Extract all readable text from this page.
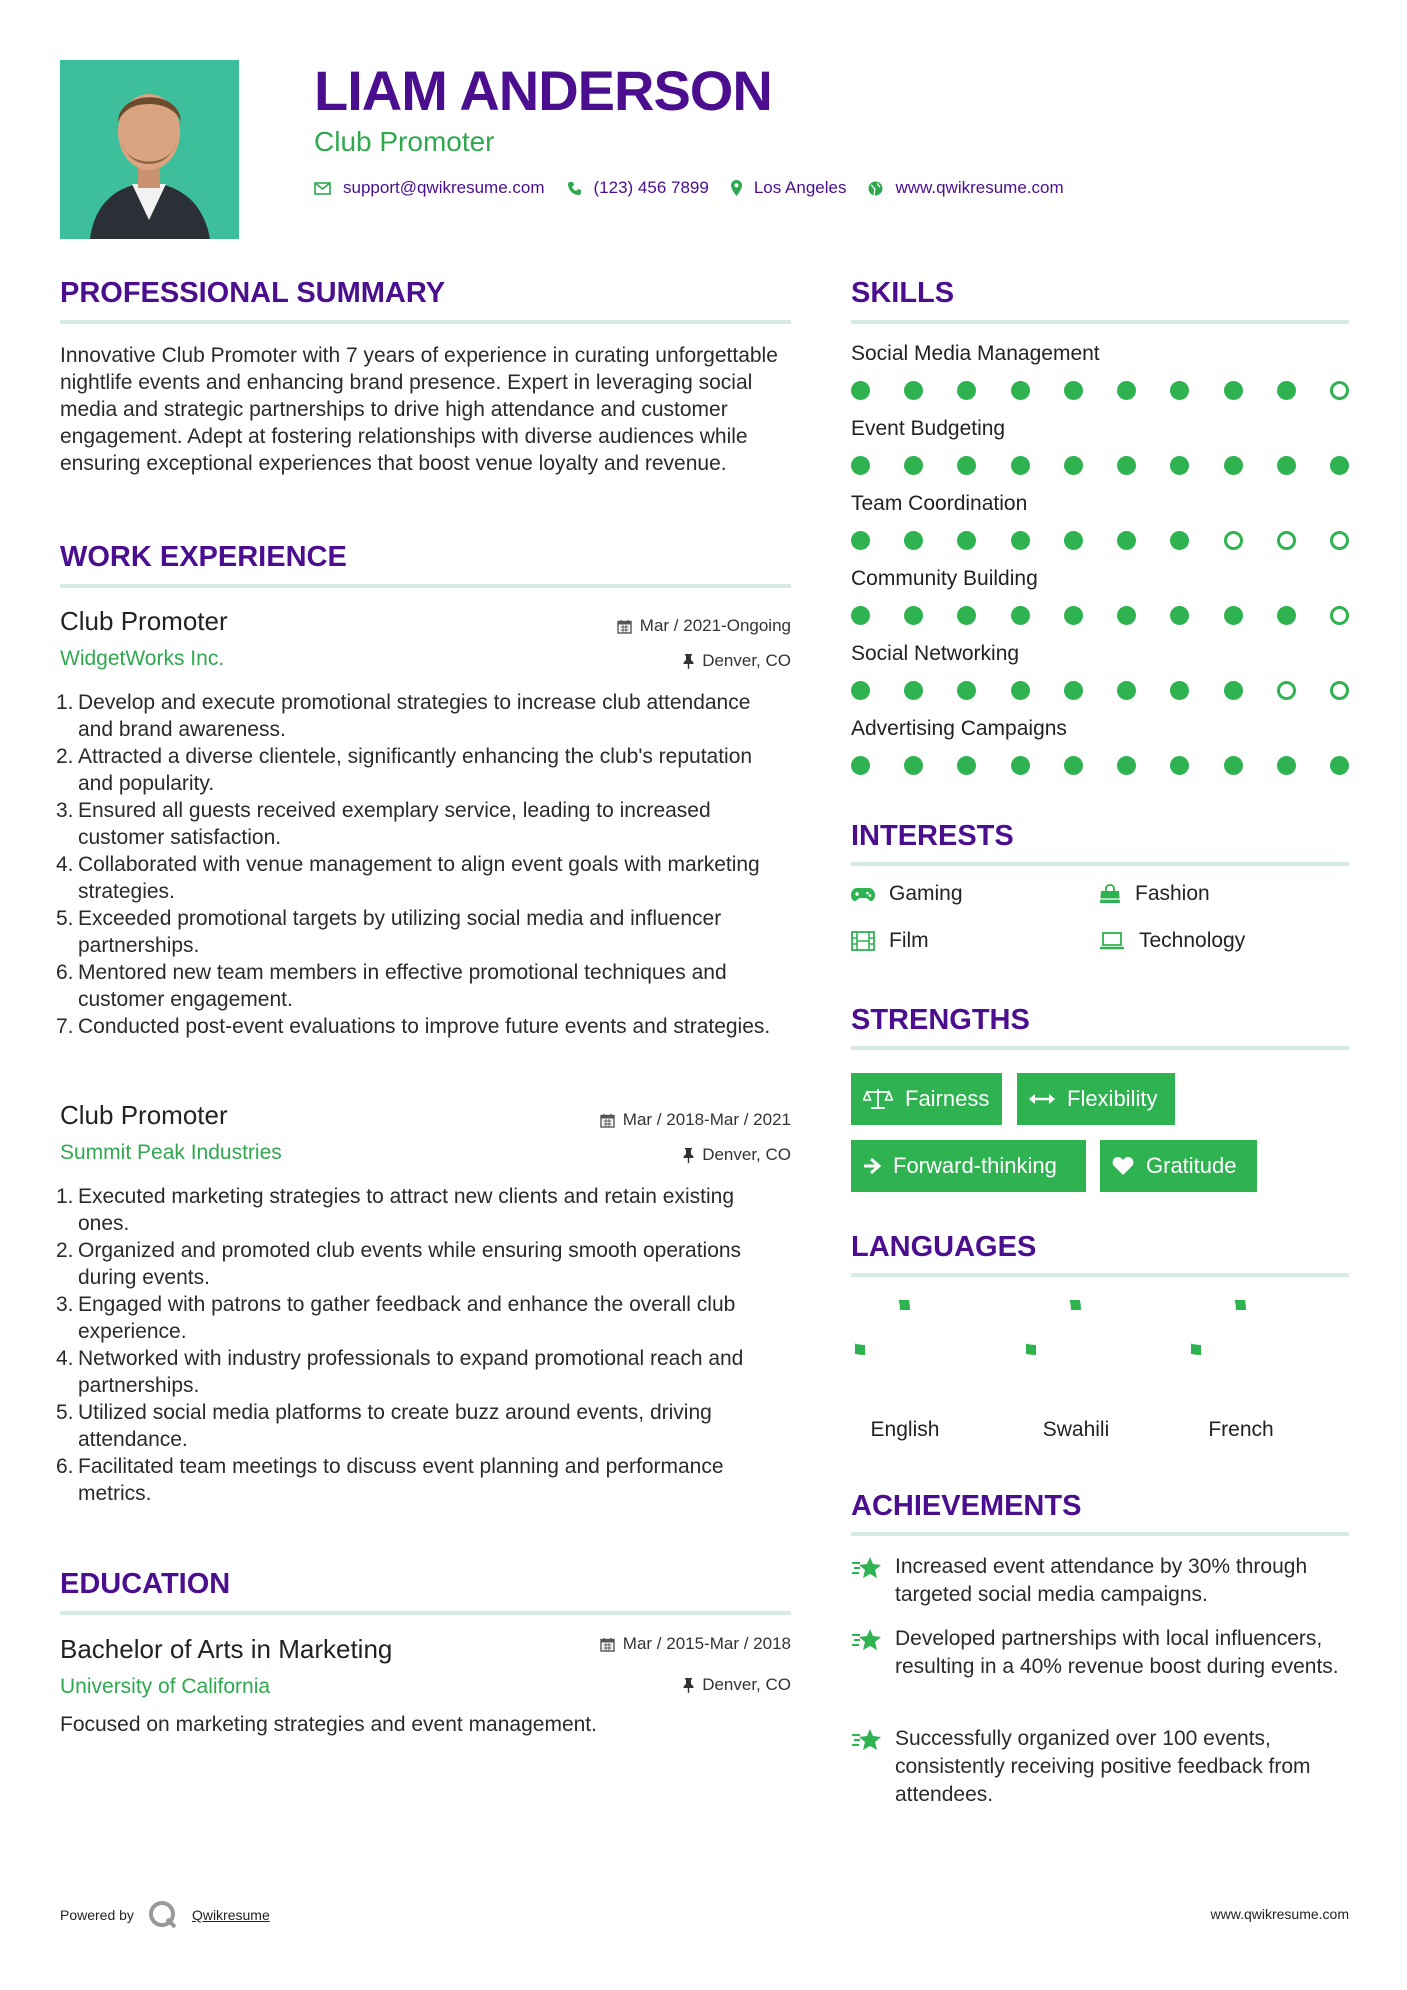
LIAM ANDERSON
Club Promoter
support@qwikresume.com	(123) 456 7899	Los Angeles	www.qwikresume.com
PROFESSIONAL SUMMARY
Innovative Club Promoter with 7 years of experience in curating unforgettable nightlife events and enhancing brand presence. Expert in leveraging social media and strategic partnerships to drive high attendance and customer engagement. Adept at fostering relationships with diverse audiences while ensuring exceptional experiences that boost venue loyalty and revenue.
WORK EXPERIENCE
Club Promoter	Mar / 2021-Ongoing
WidgetWorks Inc.	Denver, CO
1. Develop and execute promotional strategies to increase club attendance and brand awareness.
2. Attracted a diverse clientele, significantly enhancing the club's reputation and popularity.
3. Ensured all guests received exemplary service, leading to increased customer satisfaction.
4. Collaborated with venue management to align event goals with marketing strategies.
5. Exceeded promotional targets by utilizing social media and influencer partnerships.
6. Mentored new team members in effective promotional techniques and customer engagement.
7. Conducted post-event evaluations to improve future events and strategies.
Club Promoter	Mar / 2018-Mar / 2021
Summit Peak Industries	Denver, CO
1. Executed marketing strategies to attract new clients and retain existing ones.
2. Organized and promoted club events while ensuring smooth operations during events.
3. Engaged with patrons to gather feedback and enhance the overall club experience.
4. Networked with industry professionals to expand promotional reach and partnerships.
5. Utilized social media platforms to create buzz around events, driving attendance.
6. Facilitated team meetings to discuss event planning and performance metrics.
EDUCATION
Bachelor of Arts in Marketing	Mar / 2015-Mar / 2018
University of California	Denver, CO
Focused on marketing strategies and event management.
SKILLS
Social Media Management
Event Budgeting
Team Coordination
Community Building
Social Networking
Advertising Campaigns
INTERESTS
Gaming	Fashion
Film	Technology
STRENGTHS
Fairness	Flexibility
Forward-thinking	Gratitude
LANGUAGES
English	Swahili	French
ACHIEVEMENTS
Increased event attendance by 30% through targeted social media campaigns.
Developed partnerships with local influencers, resulting in a 40% revenue boost during events.
Successfully organized over 100 events, consistently receiving positive feedback from attendees.
Powered by	Qwikresume	www.qwikresume.com
